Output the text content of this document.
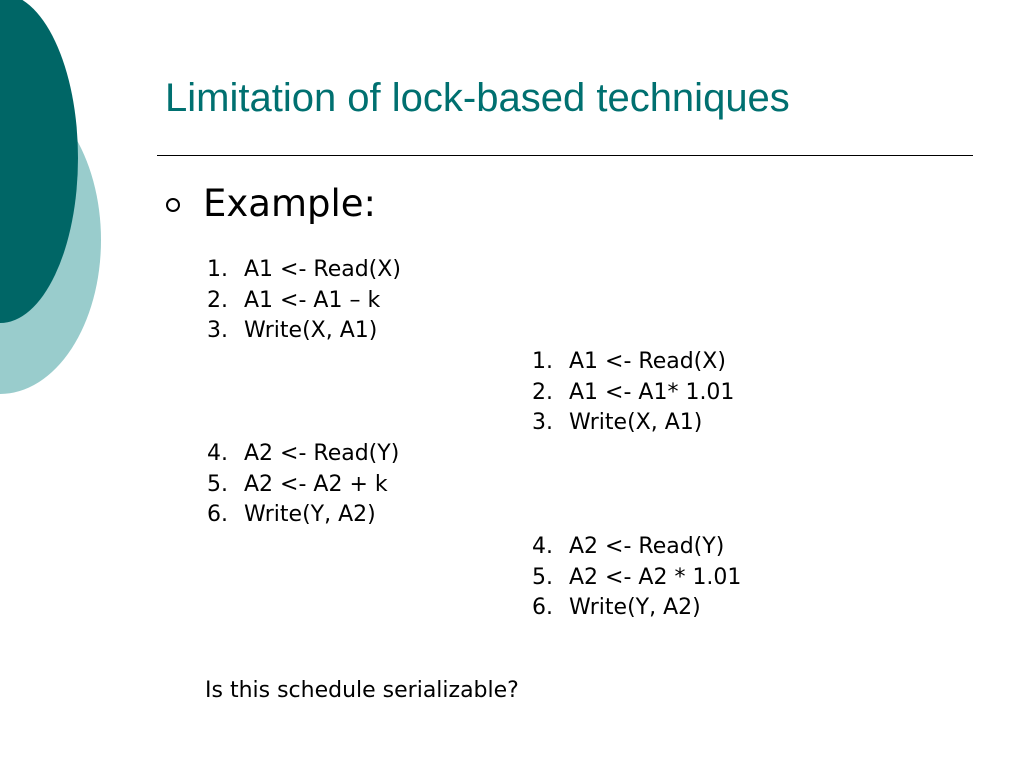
Limitation of lock-based techniques
Example:
1. A1 <- Read(X)
2. A1 <- A1 – k
3. Write(X, A1)
1. A1 <- Read(X)
2. A1 <- A1* 1.01
3. Write(X, A1)
4. A2 <- Read(Y)
5. A2 <- A2 + k
6. Write(Y, A2)
4. A2 <- Read(Y)
5. A2 <- A2 * 1.01
6. Write(Y, A2)
Is this schedule serializable?
